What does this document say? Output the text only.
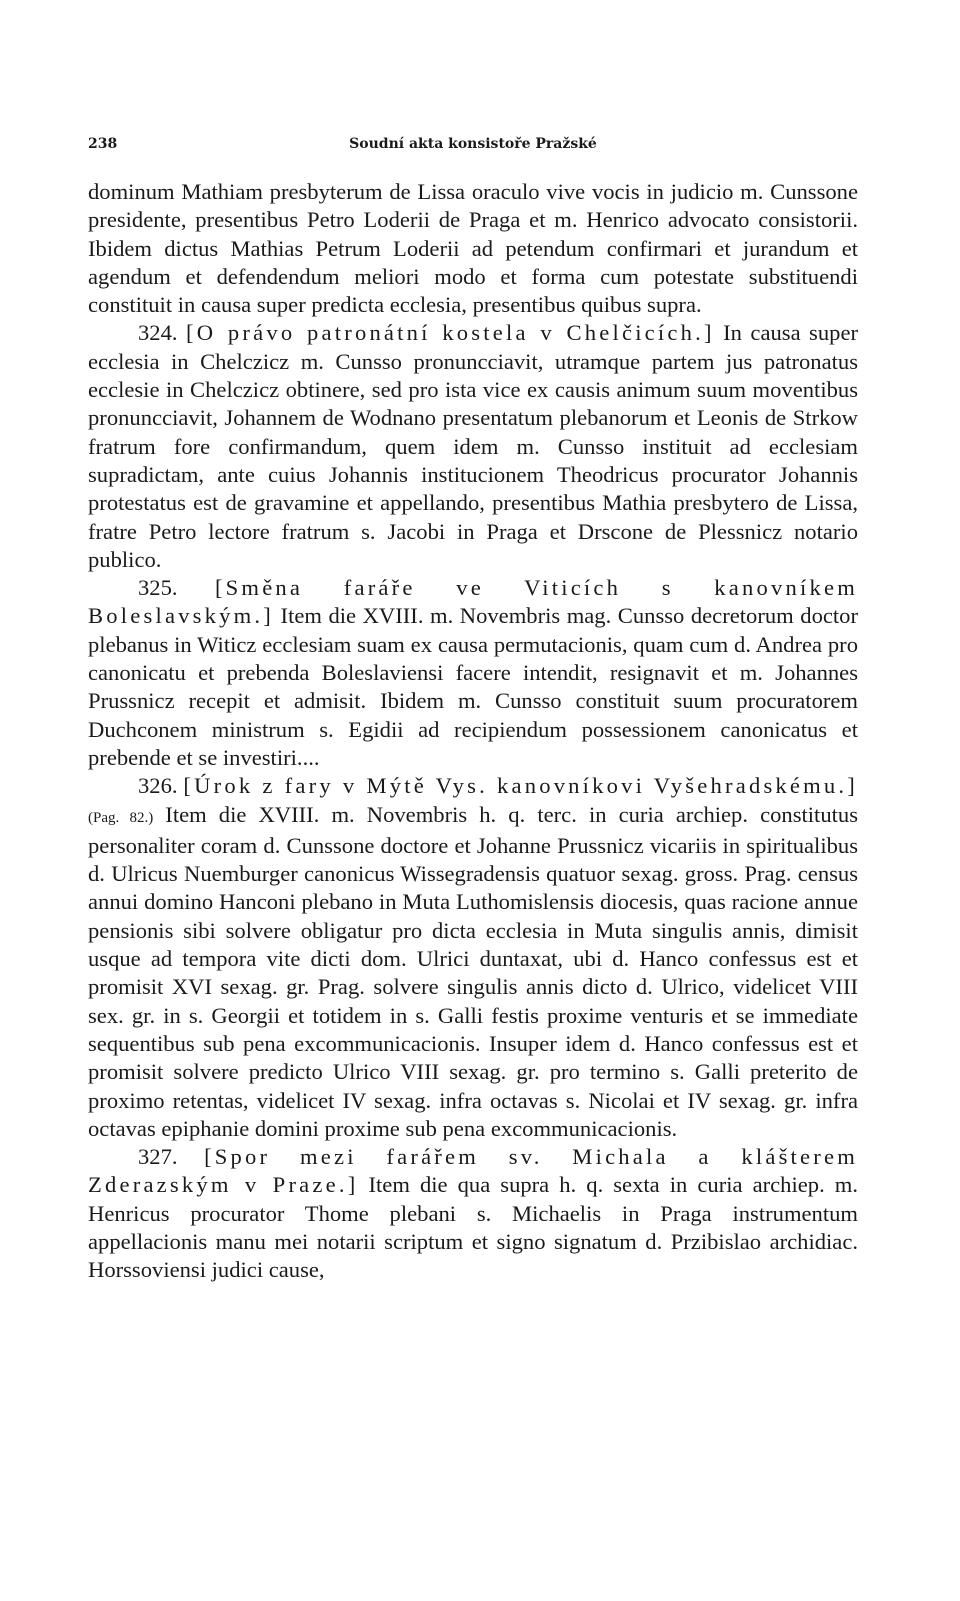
238	Soudní akta konsistoře Pražské

dominum Mathiam presbyterum de Lissa oraculo vive vocis in judicio m. Cunssone presidente, presentibus Petro Loderii de Praga et m. Henrico advocato consistorii. Ibidem dictus Mathias Petrum Loderii ad petendum confirmari et jurandum et agendum et defendendum meliori modo et forma cum potestate substituendi constituit in causa super predicta ecclesia, presentibus quibus supra.

324. [O právo patronátní kostela v Chelčicích.] In causa super ecclesia in Chelczicz m. Cunsso pronuncciavit, utramque partem jus patronatus ecclesie in Chelczicz obtinere, sed pro ista vice ex causis animum suum moventibus pronuncciavit, Johannem de Wodnano presentatum plebanorum et Leonis de Strkow fratrum fore confirmandum, quem idem m. Cunsso instituit ad ecclesiam supradictam, ante cuius Johannis institucionem Theodricus procurator Johannis protestatus est de gravamine et appellando, presentibus Mathia presbytero de Lissa, fratre Petro lectore fratrum s. Jacobi in Praga et Drscone de Plessnicz notario publico.

325. [Směna faráře ve Viticích s kanovníkem Boleslavským.] Item die XVIII. m. Novembris mag. Cunsso decretorum doctor plebanus in Witicz ecclesiam suam ex causa permutacionis, quam cum d. Andrea pro canonicatu et prebenda Boleslaviensi facere intendit, resignavit et m. Johannes Prussnicz recepit et admisit. Ibidem m. Cunsso constituit suum procuratorem Duchconem ministrum s. Egidii ad recipiendum possessionem canonicatus et prebende et se investiri....

326. [Úrok z fary v Mýtě Vys. kanovníkovi Vyšehradskému.] (Pag. 82.) Item die XVIII. m. Novembris h. q. terc. in curia archiep. constitutus personaliter coram d. Cunssone doctore et Johanne Prussnicz vicariis in spiritualibus d. Ulricus Nuemburger canonicus Wissegradensis quatuor sexag. gross. Prag. census annui domino Hanconi plebano in Muta Luthomislensis diocesis, quas racione annue pensionis sibi solvere obligatur pro dicta ecclesia in Muta singulis annis, dimisit usque ad tempora vite dicti dom. Ulrici duntaxat, ubi d. Hanco confessus est et promisit XVI sexag. gr. Prag. solvere singulis annis dicto d. Ulrico, videlicet VIII sex. gr. in s. Georgii et totidem in s. Galli festis proxime venturis et se immediate sequentibus sub pena excommunicacionis. Insuper idem d. Hanco confessus est et promisit solvere predicto Ulrico VIII sexag. gr. pro termino s. Galli preterito de proximo retentas, videlicet IV sexag. infra octavas s. Nicolai et IV sexag. gr. infra octavas epiphanie domini proxime sub pena excommunicacionis.

327. [Spor mezi farářem sv. Michala a klášterem Zderazským v Praze.] Item die qua supra h. q. sexta in curia archiep. m. Henricus procurator Thome plebani s. Michaelis in Praga instrumentum appellacionis manu mei notarii scriptum et signo signatum d. Przibislao archidiac. Horssoviensi judici cause,
